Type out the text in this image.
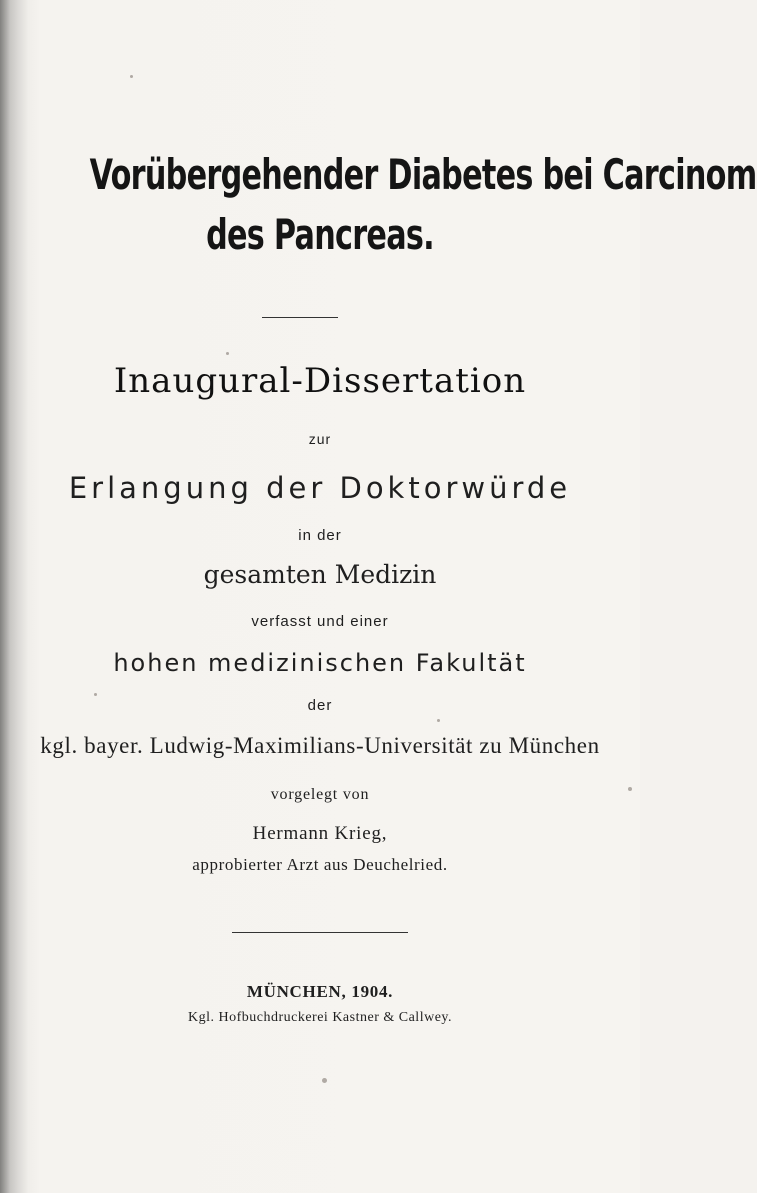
Vorübergehender Diabetes bei Carcinom
des Pancreas.
Inaugural-Dissertation
zur
Erlangung der Doktorwürde
in der
gesamten Medizin
verfasst und einer
hohen medizinischen Fakultät
der
kgl. bayer. Ludwig-Maximilians-Universität zu München
vorgelegt von
Hermann Krieg,
approbierter Arzt aus Deuchelried.
MÜNCHEN, 1904.
Kgl. Hofbuchdruckerei Kastner & Callwey.
